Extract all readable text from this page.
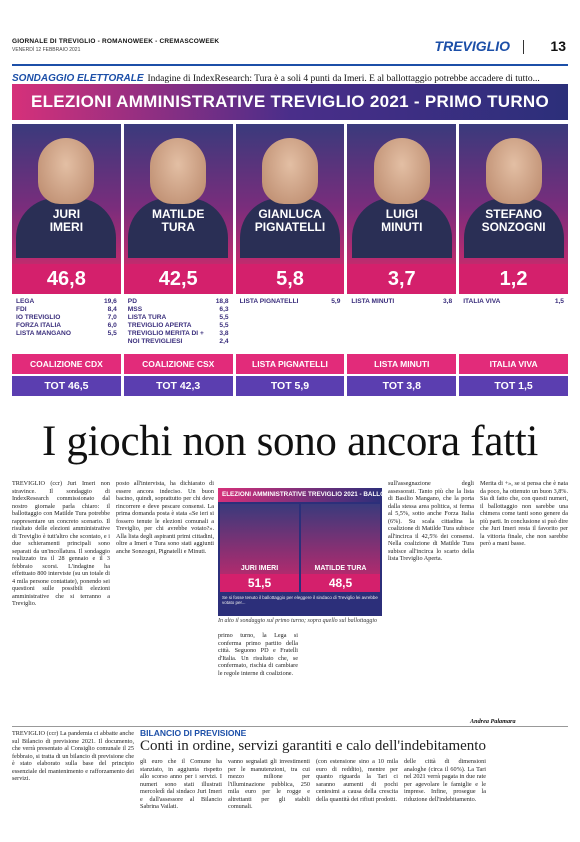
GIORNALE DI TREVIGLIO - ROMANOWEEK - CREMASCOWEEK
VENERDÌ 12 FEBBRAIO 2021	TREVIGLIO	13
SONDAGGIO ELETTORALE Indagine di IndexResearch: Tura è a soli 4 punti da Imeri. E al ballottaggio potrebbe accadere di tutto...
ELEZIONI AMMINISTRATIVE TREVIGLIO 2021 - PRIMO TURNO
JURI
IMERI
MATILDE
TURA
GIANLUCA
PIGNATELLI
LUIGI
MINUTI
STEFANO
SONZOGNI
46,8	42,5	5,8	3,7	1,2
LEGA	19,6
FDI	8,4
IO TREVIGLIO	7,0
FORZA ITALIA	6,0
LISTA MANGANO	5,5
PD	18,8
MSS	6,3
LISTA TURA	5,5
TREVIGLIO APERTA	5,5
TREVIGLIO MERITA DI + 3,8
NOI TREVIGLIESI	2,4
LISTA PIGNATELLI	5,9 LISTA MINUTI	3,8 ITALIA VIVA	1,5
COALIZIONE CDX	COALIZIONE CSX	LISTA PIGNATELLI	LISTA MINUTI	ITALIA VIVA
TOT 46,5	TOT 42,3	TOT 5,9	TOT 3,8	TOT 1,5
I giochi non sono ancora fatti
TREVIGLIO (ccr) Juri Imeri non stravince. Il sondaggio di IndexResearch commissionato dal nostro giornale parla chiaro: il ballottaggio con Matilde Tura potrebbe rappresentare un concreto scenario. Il risultato delle elezioni amministrative di Treviglio è tutt'altro che scontato, e i due schieramenti principali sono separati da un'incollatura. Il sondaggio realizzato tra il 28 gennaio e il 3 febbraio scorsi. L'indagine ha effettuato 800 interviste (su un totale di 4 mila persone contattate), ponendo sei questioni sulle possibili elezioni amministrative che si terranno a Treviglio.
posto all'intervista, ha dichiarato di essere ancora indeciso. Un buon bacino, quindi, soprattutto per chi deve rincorrere e deve pescare consensi. La prima domanda posta è stata «Se ieri si fossero tenute le elezioni comunali a Treviglio, per chi avrebbe votato?». Alla lista degli aspiranti primi cittadini, oltre a Imeri e Tura sono stati aggiunti anche Sonzogni, Pignatelli e Minuti.
ELEZIONI AMMINISTRATIVE TREVIGLIO 2021 - BALLOTTAGGIO
JURI IMERI	MATILDE TURA
51,5	48,5
Se si fosse tenuto il ballottaggio per eleggere il sindaco di Treviglio lei avrebbe votato per...
In alto il sondaggio sul primo turno; sopra quello sul ballottaggio
primo turno, la Lega si conferma primo partito della città. Seguono PD e Fratelli d'Italia. Un risultato che, se confermato, rischia di cambiare le regole interne di coalizione.
sull'assegnazione degli assessorati. Tanto più che la lista di Basilio Mangano, che la porta dalla stessa area politica, si ferma al 5,5%, sotto anche Forza Italia (6%). Su scala cittadina la coalizione di Matilde Tura subisce all'incirca il 42,5% dei consensi. Nella coalizione di Matilde Tura subisce all'incirca lo scarto della lista Treviglio Aperta.
Merita di +», se si pensa che è nata da poco, ha ottenuto un buon 3,8%. Sia di fatto che, con questi numeri, il ballottaggio non sarebbe una chimera come tanti sono genere da più parti. In conclusione si può dire che Juri Imeri resta il favorito per la vittoria finale, che non sarebbe però a mani basse.
Andrea Palamara
TREVIGLIO (ccr) La pandemia ci abbatte anche sul Bilancio di previsione 2021. Il documento, che verrà presentato al Consiglio comunale il 25 febbraio, si tratta di un bilancio di previsione che è stato elaborato sulla base del principio essenziale del mantenimento e rafforzamento dei servizi.
BILANCIO DI PREVISIONE
Conti in ordine, servizi garantiti e calo dell'indebitamento
gli euro che il Comune ha stanziato, in aggiunta rispetto allo scorso anno per i servizi. I numeri sono stati illustrati mercoledì dal sindaco Juri Imeri e dall'assessore al Bilancio Sabrina Vailati.
vanno segnalati gli investimenti per le manutenzioni, tra cui mezzo milione per l'illuminazione pubblica, 250 mila euro per le rogge e altrettanti per gli stabili comunali.
(con estensione sino a 10 mila euro di reddito), mentre per quanto riguarda la Tari ci saranno aumenti di pochi centesimi a causa della crescita della quantità dei rifiuti prodotti.
delle città di dimensioni analoghe (circa il 60%). La Tari nel 2021 verrà pagata in due rate per agevolare le famiglie e le imprese. Infine, prosegue la riduzione dell'indebitamento.
